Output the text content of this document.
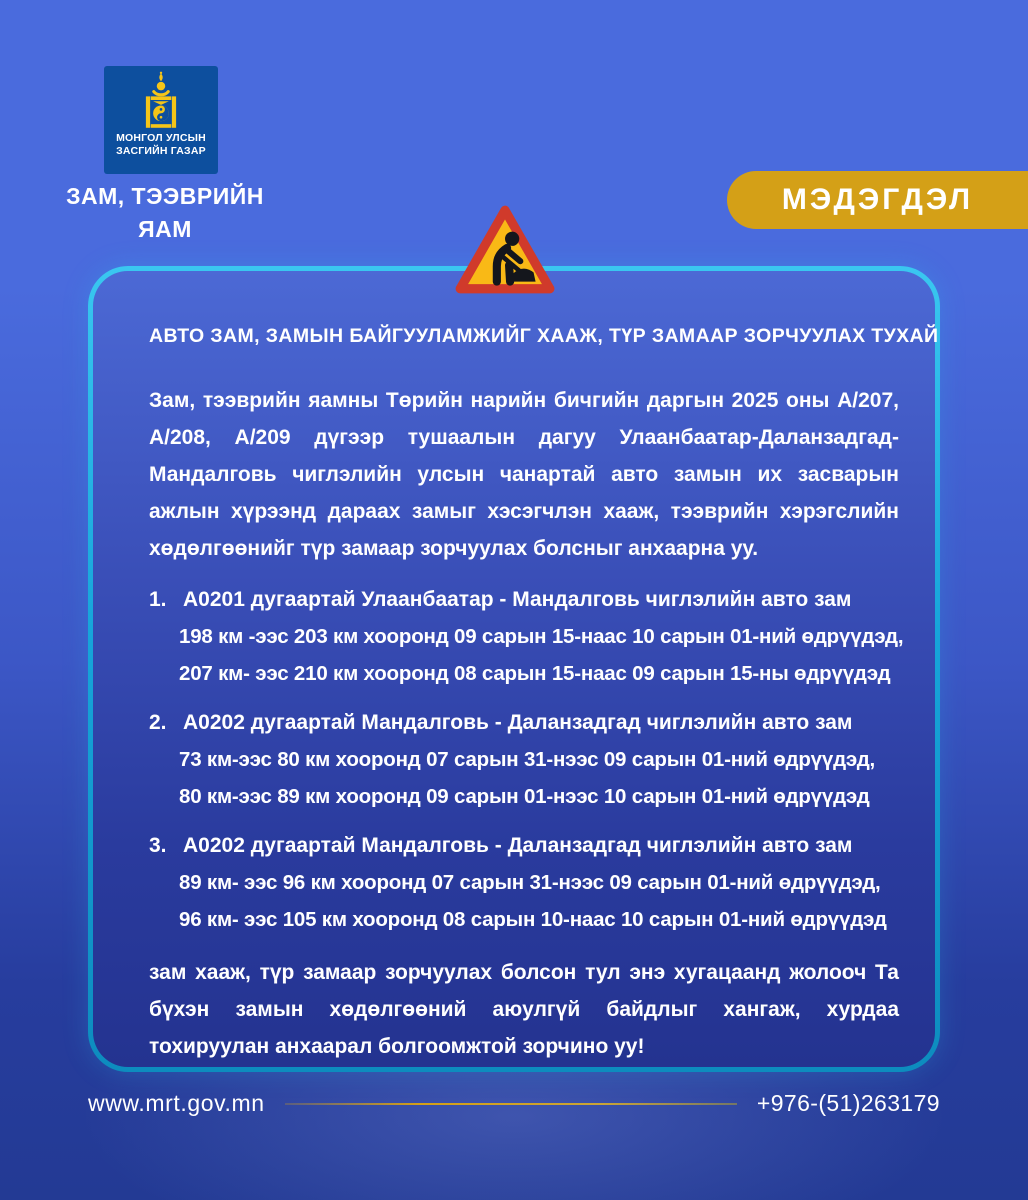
МОНГОЛ УЛСЫН
ЗАСГИЙН ГАЗАР
ЗАМ, ТЭЭВРИЙН
ЯАМ
МЭДЭГДЭЛ
АВТО ЗАМ, ЗАМЫН БАЙГУУЛАМЖИЙГ ХААЖ, ТҮР ЗАМААР ЗОРЧУУЛАХ ТУХАЙ

Зам, тээврийн яамны Төрийн нарийн бичгийн даргын 2025 оны А/207, А/208, А/209 дүгээр тушаалын дагуу Улаанбаатар-Даланзадгад-Мандалговь чиглэлийн улсын чанартай авто замын их засварын ажлын хүрээнд дараах замыг хэсэгчлэн хааж, тээврийн хэрэгслийн хөдөлгөөнийг түр замаар зорчуулах болсныг анхаарна уу.

1. А0201 дугаартай Улаанбаатар - Мандалговь чиглэлийн авто зам
198 км -ээс 203 км хооронд 09 сарын 15-наас 10 сарын 01-ний өдрүүдэд,
207 км- ээс 210 км хооронд 08 сарын 15-наас 09 сарын 15-ны өдрүүдэд
2. А0202 дугаартай Мандалговь - Даланзадгад чиглэлийн авто зам
73 км-ээс 80 км хооронд 07 сарын 31-нээс 09 сарын 01-ний өдрүүдэд,
80 км-ээс 89 км хооронд 09 сарын 01-нээс 10 сарын 01-ний өдрүүдэд
3. А0202 дугаартай Мандалговь - Даланзадгад чиглэлийн авто зам
89 км- ээс 96 км хооронд 07 сарын 31-нээс 09 сарын 01-ний өдрүүдэд,
96 км- ээс 105 км хооронд 08 сарын 10-наас 10 сарын 01-ний өдрүүдэд

зам хааж, түр замаар зорчуулах болсон тул энэ хугацаанд жолооч Та бүхэн замын хөдөлгөөний аюулгүй байдлыг хангаж, хурдаа тохируулан анхаарал болгоомжтой зорчино уу!

www.mrt.gov.mn	+976-(51)263179
